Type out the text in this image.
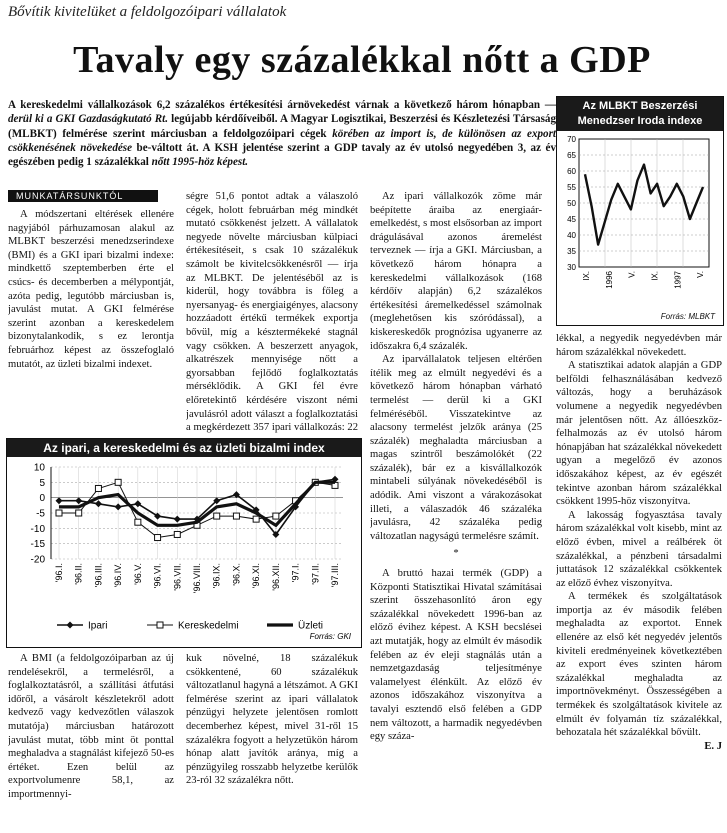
Bővítik kivitelüket a feldolgozóipari vállalatok
Tavaly egy százalékkal nőtt a GDP
A kereskedelmi vállalkozások 6,2 százalékos értékesítési árnövekedést várnak a következő három hónapban — derül ki a GKI Gazdaságkutató Rt. legújabb kérdőíveiből. A Magyar Logisztikai, Beszerzési és Készletezési Társaság (MLBKT) felmérése szerint márciusban a feldolgozóipari cégek körében az import is, de különösen az export csökkenésének növekedése be-váltott át. A KSH jelentése szerint a GDP tavaly az év utolsó negyedében 3, az év egészében pedig 1 százalékkal nőtt 1995-höz képest.
MUNKATÁRSUNKTÓL

A módszertani eltérések ellenére nagyjából párhuzamosan alakul az MLBKT beszerzési menedzserindexe (BMI) és a GKI ipari bizalmi indexe: mindkettő szeptemberben érte el csúcs- és decemberben a mélypontját, azóta pedig, legutóbb márciusban is, javulást mutat. A GKI felmérése szerint azonban a kereskedelem bizonytalankodik, s ez lerontja februárhoz képest az összefoglaló mutatót, az üzleti bizalmi indexet.

ségre 51,6 pontot adtak a válaszoló cégek, holott februárban még mindkét mutató csökkenést jelzett. A vállalatok negyede növelte márciusban külpiaci értékesítéseit, s csak 10 százalékuk számolt be kivitelcsökkenésről — írja az MLBKT. De jelentéséből az is kiderül, hogy továbbra is főleg a nyersanyag- és energiaigényes, alacsony hozzáadott értékű termékek exportja bővül, míg a késztermékeké stagnál vagy csökken. A beszerzett anyagok, alkatrészek mennyisége nőtt a gyorsabban fejlődő foglalkoztatás mérséklődik. A GKI fél évre előretekintő kérdésére viszont némi javulásról adott választ a foglalkoztatási a megkérdezett 357 ipari vállalkozás: 22

Az ipari vállalkozók zöme már beépítette áraiba az energiaár-emelkedést, s most elsősorban az import drágulásával azonos áremelést terveznek — írja a GKI. Márciusban, a következő három hónapra a kereskedelmi vállalkozások (168 kérdőív alapján) 6,2 százalékos értékesítési áremelkedéssel számolnak (meglehetősen kis szóródással), a kiskereskedők prognózisa ugyanerre az időszakra 6,4 százalék.

Az iparvállalatok teljesen eltérően ítélik meg az elmúlt negyedévi és a következő három hónapban várható termelést — derül ki a GKI felméréséből. Visszatekintve az alacsony termelést jelzők aránya (25 százalék) meghaladta márciusban a magas szintről beszámolókét (22 százalék), bár ez a kisvállalkozók mintabeli súlyának növekedéséből is adódik. Ami viszont a várakozásokat illeti, a válaszadók 46 százaléka javulásra, 42 százaléka pedig változatlan nagyságú termelésre számít.

*

A bruttó hazai termék (GDP) a Központi Statisztikai Hivatal számításai szerint összehasonlító áron egy százalékkal növekedett 1996-ban az előző évihez képest. A KSH becslései azt mutatják, hogy az elmúlt év második felében az év eleji stagnálás után a nemzetgazdaság teljesítménye valamelyest élénkült. Az előző év azonos időszakához viszonyítva a tavalyi esztendő első felében a GDP nem változott, a harmadik negyedévben egy száza-

Az MLBKT Beszerzési Menedzser Iroda indexe
30
35
40
45
50
55
60
65
70
IX. 1996 V. IX. 1997 V.
Forrás: MLBKT

lékkal, a negyedik negyedévben már három százalékkal növekedett.

A statisztikai adatok alapján a GDP belföldi felhasználásában kedvező változás, hogy a beruházások volumene a negyedik negyedévben már jelentősen nőtt. Az állóeszköz-felhalmozás az év utolsó három hónapjában hat százalékkal növekedett ugyan a megelőző év azonos időszakához képest, az év egészét tekintve azonban három százalékkal csökkent 1995-höz viszonyítva.

A lakosság fogyasztása tavaly három százalékkal volt kisebb, mint az előző évben, mivel a reálbérek öt százalékkal, a pénzbeni társadalmi juttatások 12 százalékkal csökkentek az előző évhez viszonyítva.

A termékek és szolgáltatások importja az év második felében meghaladta az exportot. Ennek ellenére az első két negyedév jelentős kiviteli eredményeinek következtében az export éves szinten három százalékkal meghaladta az importnövekményt. Összességében a termékek és szolgáltatások kivitele az elmúlt év folyamán tíz százalékkal, behozatala hét százalékkal bővült.
E. J

Az ipari, a kereskedelmi és az üzleti bizalmi index
10
5
0
-5
-10
-15
-20
'96.I. '96.II. '96.III. '96.IV. '96.V. '96.VI. '96.VII. '96.VIII. '96.IX. '96.X. '96.XI. '96.XII. '97.I. '97.II. '97.III.
Ipari	Kereskedelmi	Üzleti
Forrás: GKI

A BMI (a feldolgozóiparban az új rendelésekről, a termelésről, a foglalkoztatásról, a szállítási átfutási időről, a vásárolt készletekről adott kedvező vagy kedvezőtlen válaszok mutatója) márciusban határozott javulást mutat, több mint öt ponttal meghaladva a stagnálást kifejező 50-es értéket. Ezen belül az exportvolumenre 58,1, az importmennyi-

kuk növelné, 18 százalékuk csökkentené, 60 százalékuk változatlanul hagyná a létszámot. A GKI felmérése szerint az ipari vállalatok pénzügyi helyzete jelentősen romlott decemberhez képest, mivel 31-ről 15 százalékra fogyott a helyzetükön három hónap alatt javítók aránya, míg a pénzügyileg rosszabb helyzetbe kerülők 23-ról 32 százalékra nőtt.
